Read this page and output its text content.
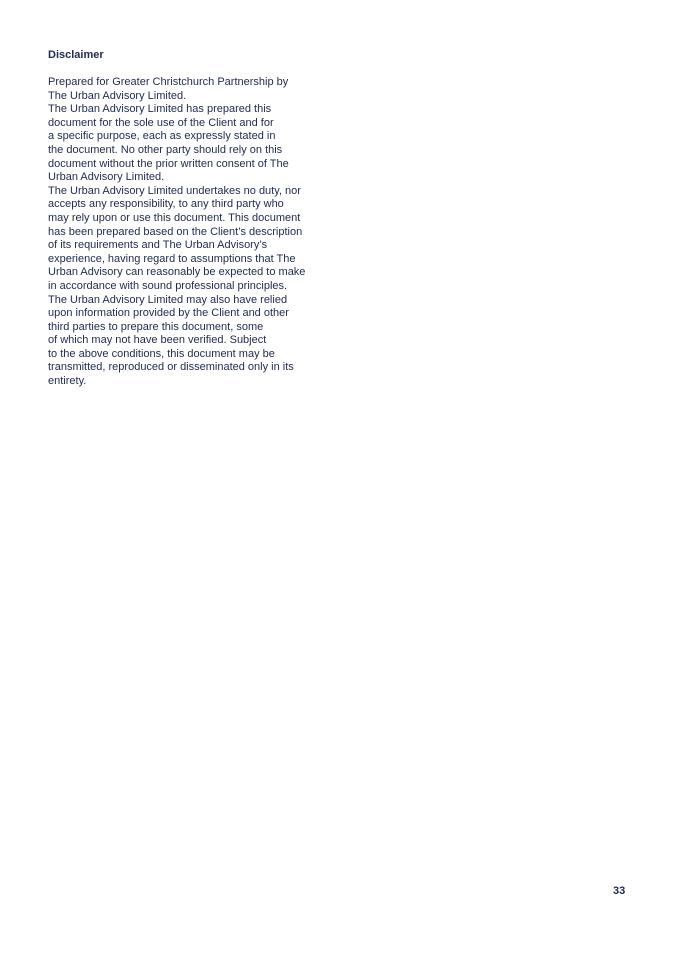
Disclaimer
Prepared for Greater Christchurch Partnership by
The Urban Advisory Limited.
The Urban Advisory Limited has prepared this
document for the sole use of the Client and for
a specific purpose, each as expressly stated in
the document. No other party should rely on this
document without the prior written consent of The
Urban Advisory Limited.
The Urban Advisory Limited undertakes no duty, nor
accepts any responsibility, to any third party who
may rely upon or use this document. This document
has been prepared based on the Client’s description
of its requirements and The Urban Advisory’s
experience, having regard to assumptions that The
Urban Advisory can reasonably be expected to make
in accordance with sound professional principles.
The Urban Advisory Limited may also have relied
upon information provided by the Client and other
third parties to prepare this document, some
of which may not have been verified. Subject
to the above conditions, this document may be
transmitted, reproduced or disseminated only in its
entirety.
33
